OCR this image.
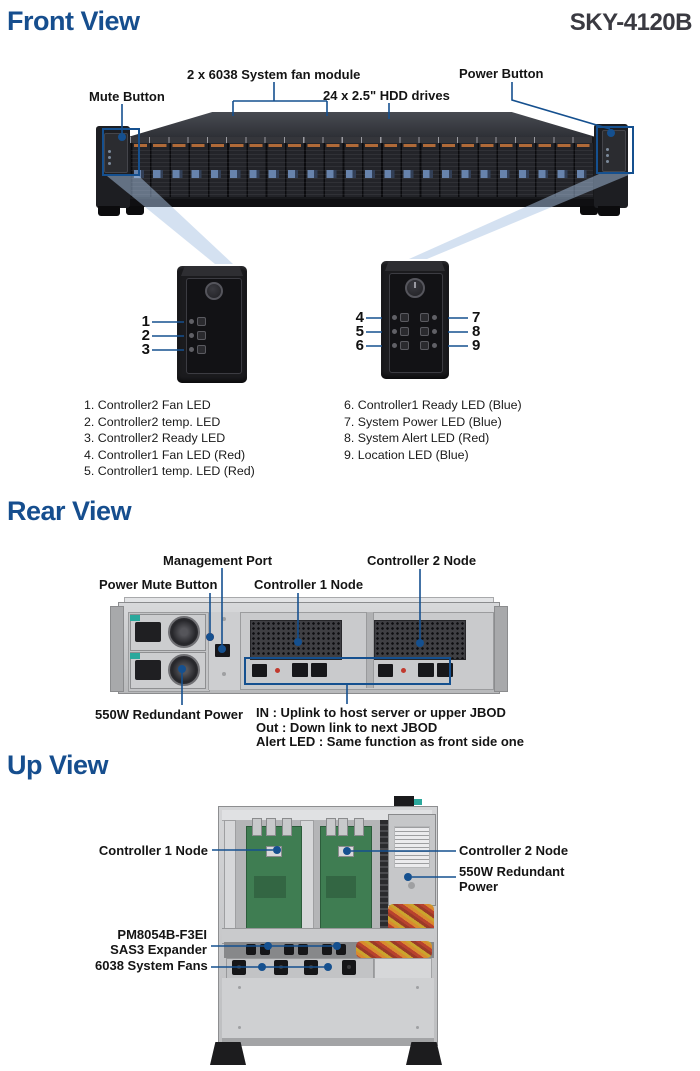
Front View	SKY-4120B
Rear View
Up View
2 x 6038 System fan module	Power Button
Mute Button	24 x 2.5" HDD drives
1
2
3
4
5
6
7
8
9
1. Controller2 Fan LED
2. Controller2 temp. LED
3. Controller2 Ready LED
4. Controller1 Fan LED (Red)
5. Controller1 temp. LED (Red)
6. Controller1 Ready LED (Blue)
7. System Power LED (Blue)
8. System Alert LED (Red)
9. Location LED (Blue)
Management Port	Controller 2 Node
Power Mute Button	Controller 1 Node
550W Redundant Power IN : Uplink to host server or upper JBOD
Out : Down link to next JBOD
Alert LED : Same function as front side one
Controller 1 Node	Controller 2 Node
550W Redundant
Power
PM8054B-F3EI
SAS3 Expander
6038 System Fans
